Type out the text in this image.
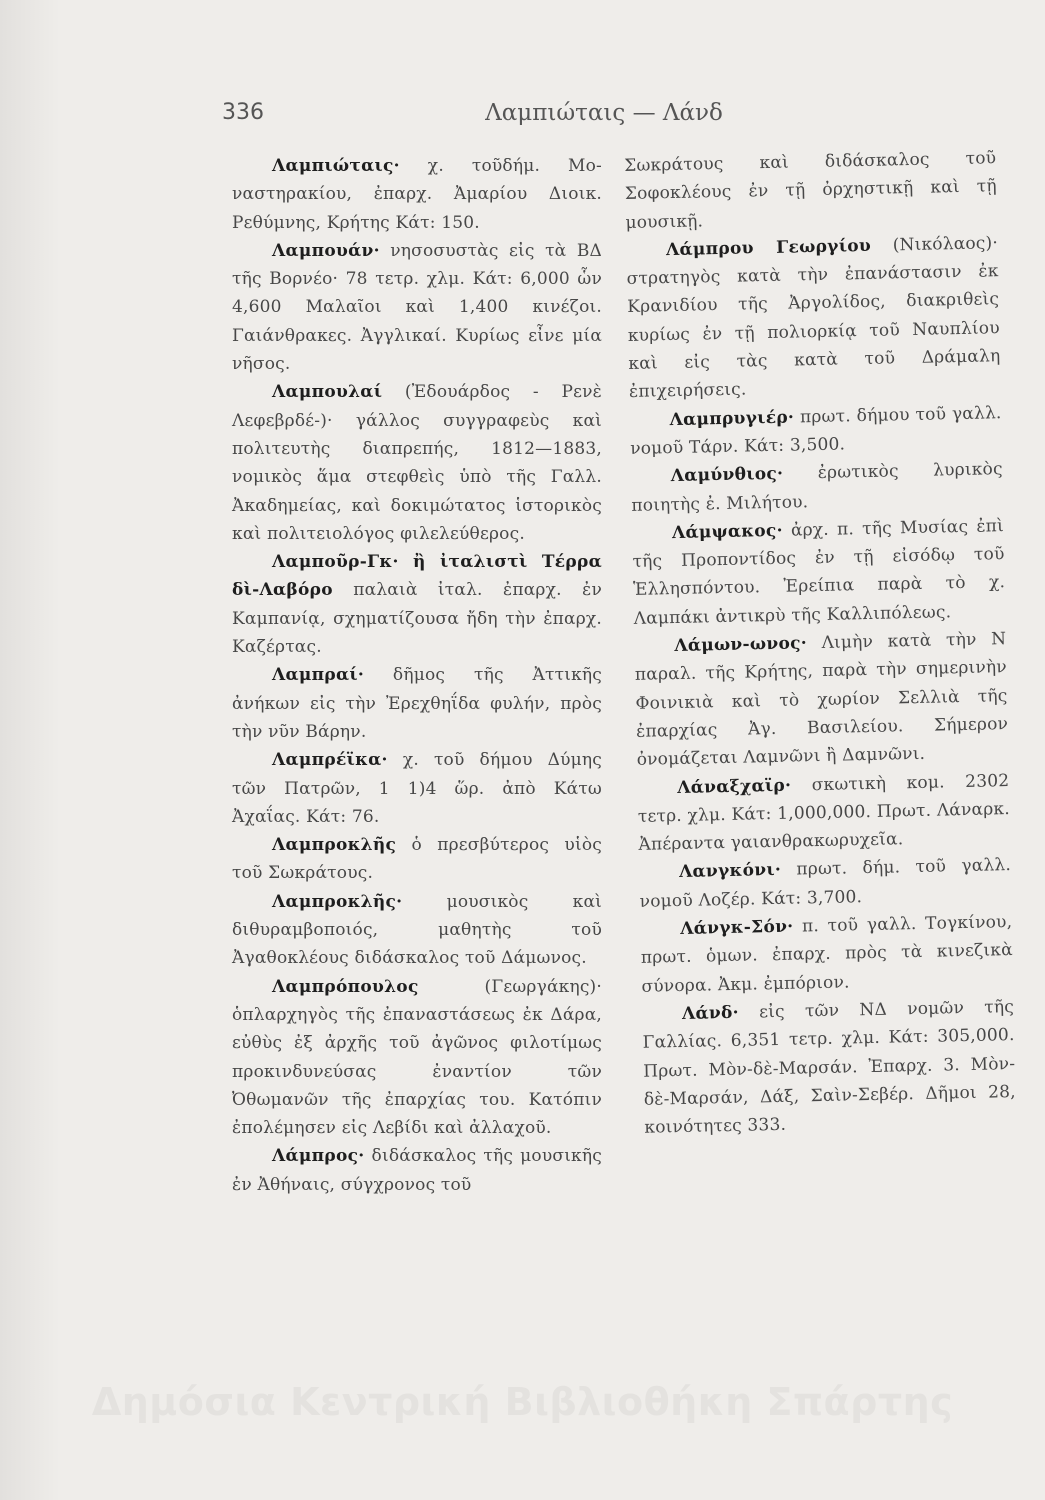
336	Λαμπιώταις — Λάνδ

Λαμπιώταις· χ. τοῦδήμ. Μο-ναστηρακίου, ἐπαρχ. Ἀμαρίου Διοικ. Ρεθύμνης, Κρήτης Κάτ: 150.

Λαμπουάν· νησοσυστὰς εἰς τὰ ΒΔ τῆς Βορνέο· 78 τετρ. χλμ. Κάτ: 6,000 ὧν 4,600 Μαλαῖοι καὶ 1,400 κινέζοι. Γαιάνθρακες. Ἀγγλικαί. Κυρίως εἶνε μία νῆσος.

Λαμπουλαί (Ἐδουάρδος - Ρενὲ Λεφεβρδέ-)· γάλλος συγγραφεὺς καὶ πολιτευτὴς διαπρεπής, 1812—1883, νομικὸς ἅμα στεφθεὶς ὑπὸ τῆς Γαλλ. Ἀκαδημείας, καὶ δοκιμώτατος ἱστορικὸς καὶ πολιτειολόγος φιλελεύθερος.

Λαμποῦρ-Γκ· ἢ ἰταλιστὶ Τέρρα δὶ-Λαβόρο παλαιὰ ἰταλ. ἐπαρχ. ἐν Καμπανίᾳ, σχηματίζουσα ἤδη τὴν ἐπαρχ. Καζέρτας.

Λαμπραί· δῆμος τῆς Ἀττικῆς ἀνήκων εἰς τὴν Ἐρεχθηΐδα φυλήν, πρὸς τὴν νῦν Βάρην.

Λαμπρέϊκα· χ. τοῦ δήμου Δύμης τῶν Πατρῶν, 1 1)4 ὥρ. ἀπὸ Κάτω Ἀχαΐας. Κάτ: 76.

Λαμπροκλῆς ὁ πρεσβύτερος υἱὸς τοῦ Σωκράτους.

Λαμπροκλῆς· μουσικὸς καὶ διθυραμβοποιός, μαθητὴς τοῦ Ἀγαθοκλέους διδάσκαλος τοῦ Δάμωνος.

Λαμπρόπουλος (Γεωργάκης)· ὁπλαρχηγὸς τῆς ἐπαναστάσεως ἐκ Δάρα, εὐθὺς ἐξ ἀρχῆς τοῦ ἀγῶνος φιλοτίμως προκινδυνεύσας ἐναντίον τῶν Ὀθωμανῶν τῆς ἐπαρχίας του. Κατόπιν ἐπολέμησεν εἰς Λεβίδι καὶ ἀλλαχοῦ.

Λάμπρος· διδάσκαλος τῆς μουσικῆς ἐν Ἀθήναις, σύγχρονος τοῦ

Σωκράτους καὶ διδάσκαλος τοῦ Σοφοκλέους ἐν τῇ ὀρχηστικῇ καὶ τῇ μουσικῇ.

Λάμπρου Γεωργίου (Νικόλαος)· στρατηγὸς κατὰ τὴν ἐπανάστασιν ἐκ Κρανιδίου τῆς Ἀργολίδος, διακριθεὶς κυρίως ἐν τῇ πολιορκίᾳ τοῦ Ναυπλίου καὶ εἰς τὰς κατὰ τοῦ Δράμαλη ἐπιχειρήσεις.

Λαμπρυγιέρ· πρωτ. δήμου τοῦ γαλλ. νομοῦ Τάρν. Κάτ: 3,500.

Λαμύνθιος· ἐρωτικὸς λυρικὸς ποιητὴς ἐ. Μιλήτου.

Λάμψακος· ἀρχ. π. τῆς Μυσίας ἐπὶ τῆς Προποντίδος ἐν τῇ εἰσόδῳ τοῦ Ἑλλησπόντου. Ἐρείπια παρὰ τὸ χ. Λαμπάκι ἀντικρὺ τῆς Καλλιπόλεως.

Λάμων-ωνος· Λιμὴν κατὰ τὴν Ν παραλ. τῆς Κρήτης, παρὰ τὴν σημερινὴν Φοινικιὰ καὶ τὸ χωρίον Σελλιὰ τῆς ἐπαρχίας Ἀγ. Βασιλείου. Σήμερον ὀνομάζεται Λαμνῶνι ἢ Δαμνῶνι.

Λάναξχαϊρ· σκωτικὴ κομ. 2302 τετρ. χλμ. Κάτ: 1,000,000. Πρωτ. Λάναρκ. Ἀπέραντα γαιανθρακωρυχεῖα.

Λανγκόνι· πρωτ. δήμ. τοῦ γαλλ. νομοῦ Λοζέρ. Κάτ: 3,700.

Λάνγκ-Σόν· π. τοῦ γαλλ. Τογκίνου, πρωτ. ὁμων. ἐπαρχ. πρὸς τὰ κινεζικὰ σύνορα. Ἀκμ. ἐμπόριον.

Λάνδ· εἰς τῶν ΝΔ νομῶν τῆς Γαλλίας. 6,351 τετρ. χλμ. Κάτ: 305,000. Πρωτ. Μὸν-δὲ-Μαρσάν. Ἐπαρχ. 3. Μὸν-δὲ-Μαρσάν, Δάξ, Σαὶν-Σεβέρ. Δῆμοι 28, κοινότητες 333.

Δημόσια Κεντρική Βιβλιοθήκη Σπάρτης
